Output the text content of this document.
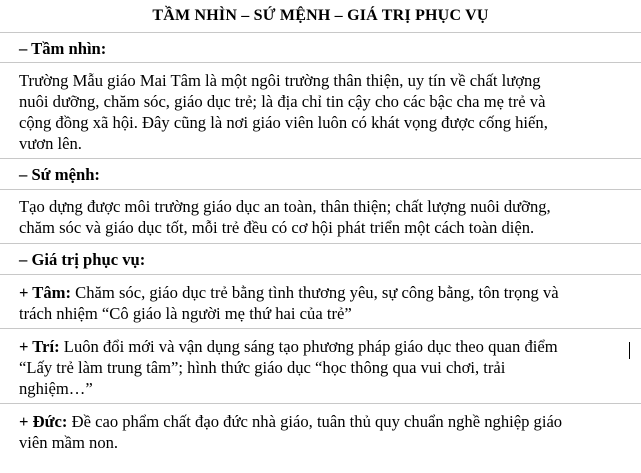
TẦM NHÌN – SỨ MỆNH – GIÁ TRỊ PHỤC VỤ
– Tầm nhìn:
Trường Mẫu giáo Mai Tâm là một ngôi trường thân thiện, uy tín về chất lượng
nuôi dưỡng, chăm sóc, giáo dục trẻ; là địa chỉ tin cậy cho các bậc cha mẹ trẻ và
cộng đồng xã hội. Đây cũng là nơi giáo viên luôn có khát vọng được cống hiến,
vươn lên.
– Sứ mệnh:
Tạo dựng được môi trường giáo dục an toàn, thân thiện; chất lượng nuôi dưỡng,
chăm sóc và giáo dục tốt, mỗi trẻ đều có cơ hội phát triển một cách toàn diện.
– Giá trị phục vụ:
+ Tâm: Chăm sóc, giáo dục trẻ bằng tình thương yêu, sự công bằng, tôn trọng và
trách nhiệm “Cô giáo là người mẹ thứ hai của trẻ”
+ Trí: Luôn đổi mới và vận dụng sáng tạo phương pháp giáo dục theo quan điểm
“Lấy trẻ làm trung tâm”; hình thức giáo dục “học thông qua vui chơi, trải
nghiệm…”
+ Đức: Đề cao phẩm chất đạo đức nhà giáo, tuân thủ quy chuẩn nghề nghiệp giáo
viên mầm non.
